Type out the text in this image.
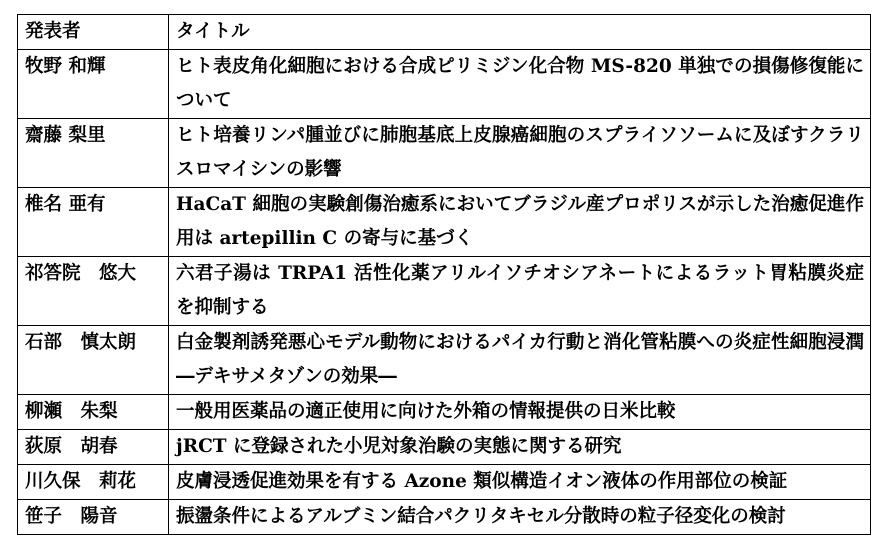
発表者	タイトル
牧野 和輝	ヒト表皮角化細胞における合成ピリミジン化合物 MS-820 単独での損傷修復能について
齋藤 梨里	ヒト培養リンパ腫並びに肺胞基底上皮腺癌細胞のスプライソソームに及ぼすクラリスロマイシンの影響
椎名 亜有	HaCaT 細胞の実験創傷治癒系においてブラジル産プロポリスが示した治癒促進作用は artepillin C の寄与に基づく
祁答院　悠大	六君子湯は TRPA1 活性化薬アリルイソチオシアネートによるラット胃粘膜炎症を抑制する
石部　慎太朗	白金製剤誘発悪心モデル動物におけるパイカ行動と消化管粘膜への炎症性細胞浸潤―デキサメタゾンの効果―
柳瀬　朱梨	一般用医薬品の適正使用に向けた外箱の情報提供の日米比較
荻原　胡春	jRCT に登録された小児対象治験の実態に関する研究
川久保　莉花	皮膚浸透促進効果を有する Azone 類似構造イオン液体の作用部位の検証
笹子　陽音	振盪条件によるアルブミン結合パクリタキセル分散時の粒子径変化の検討
